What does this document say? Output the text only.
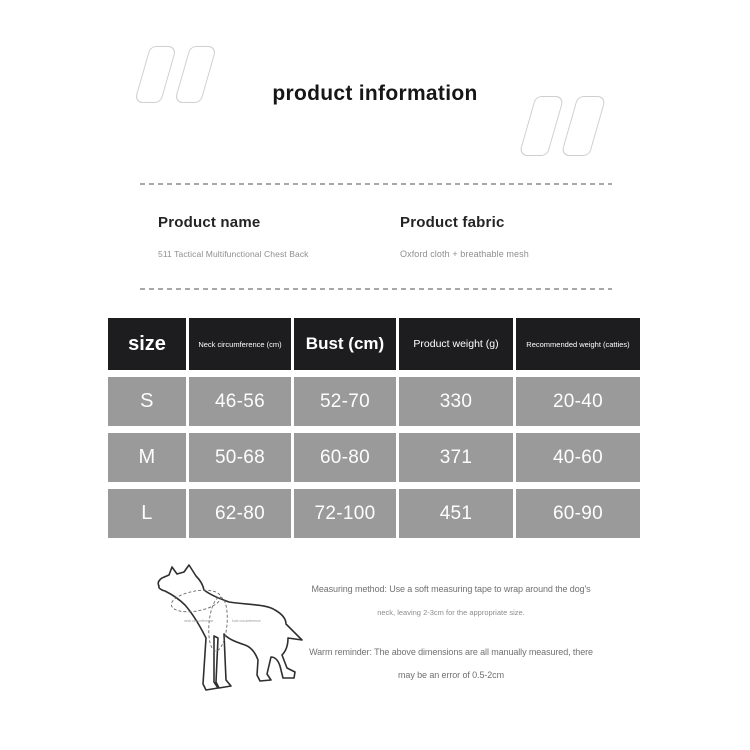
product information
Product name
511 Tactical Multifunctional Chest Back
Product fabric
Oxford cloth + breathable mesh
size	Neck circumference (cm)	Bust (cm)	Product weight (g)	Recommended weight (catties)
S	46-56	52-70	330	20-40
M	50-68	60-80	371	40-60
L	62-80	72-100	451	60-90
neck circumference	bust circumference
Measuring method: Use a soft measuring tape to wrap around the dog's
neck, leaving 2-3cm for the appropriate size.
Warm reminder: The above dimensions are all manually measured, there
may be an error of 0.5-2cm
